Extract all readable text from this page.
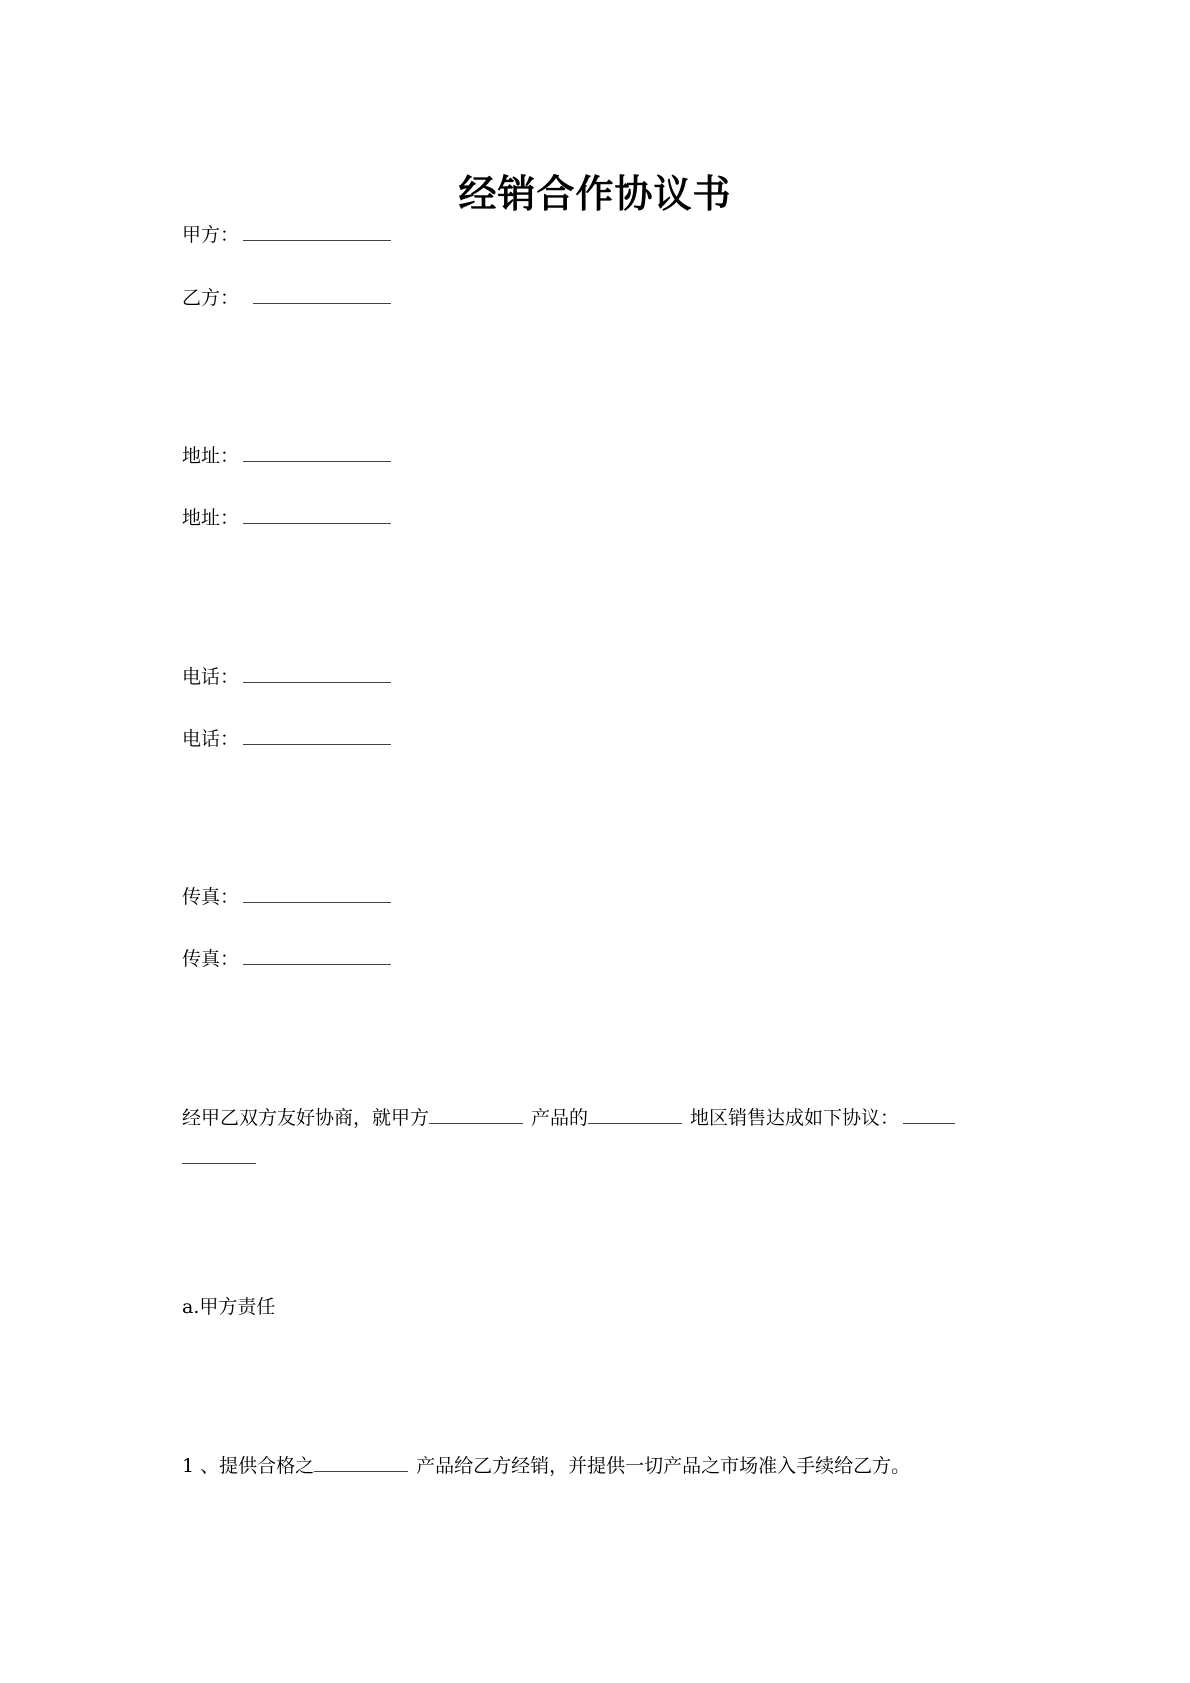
经销合作协议书
甲方：
乙方：
地址：
地址：
电话：
电话：
传真：
传真：
经甲乙双方友好协商，就甲方	产品的	地区销售达成如下协议：

a.甲方责任
1 、提供合格之	产品给乙方经销，并提供一切产品之市场准入手续给乙方。
